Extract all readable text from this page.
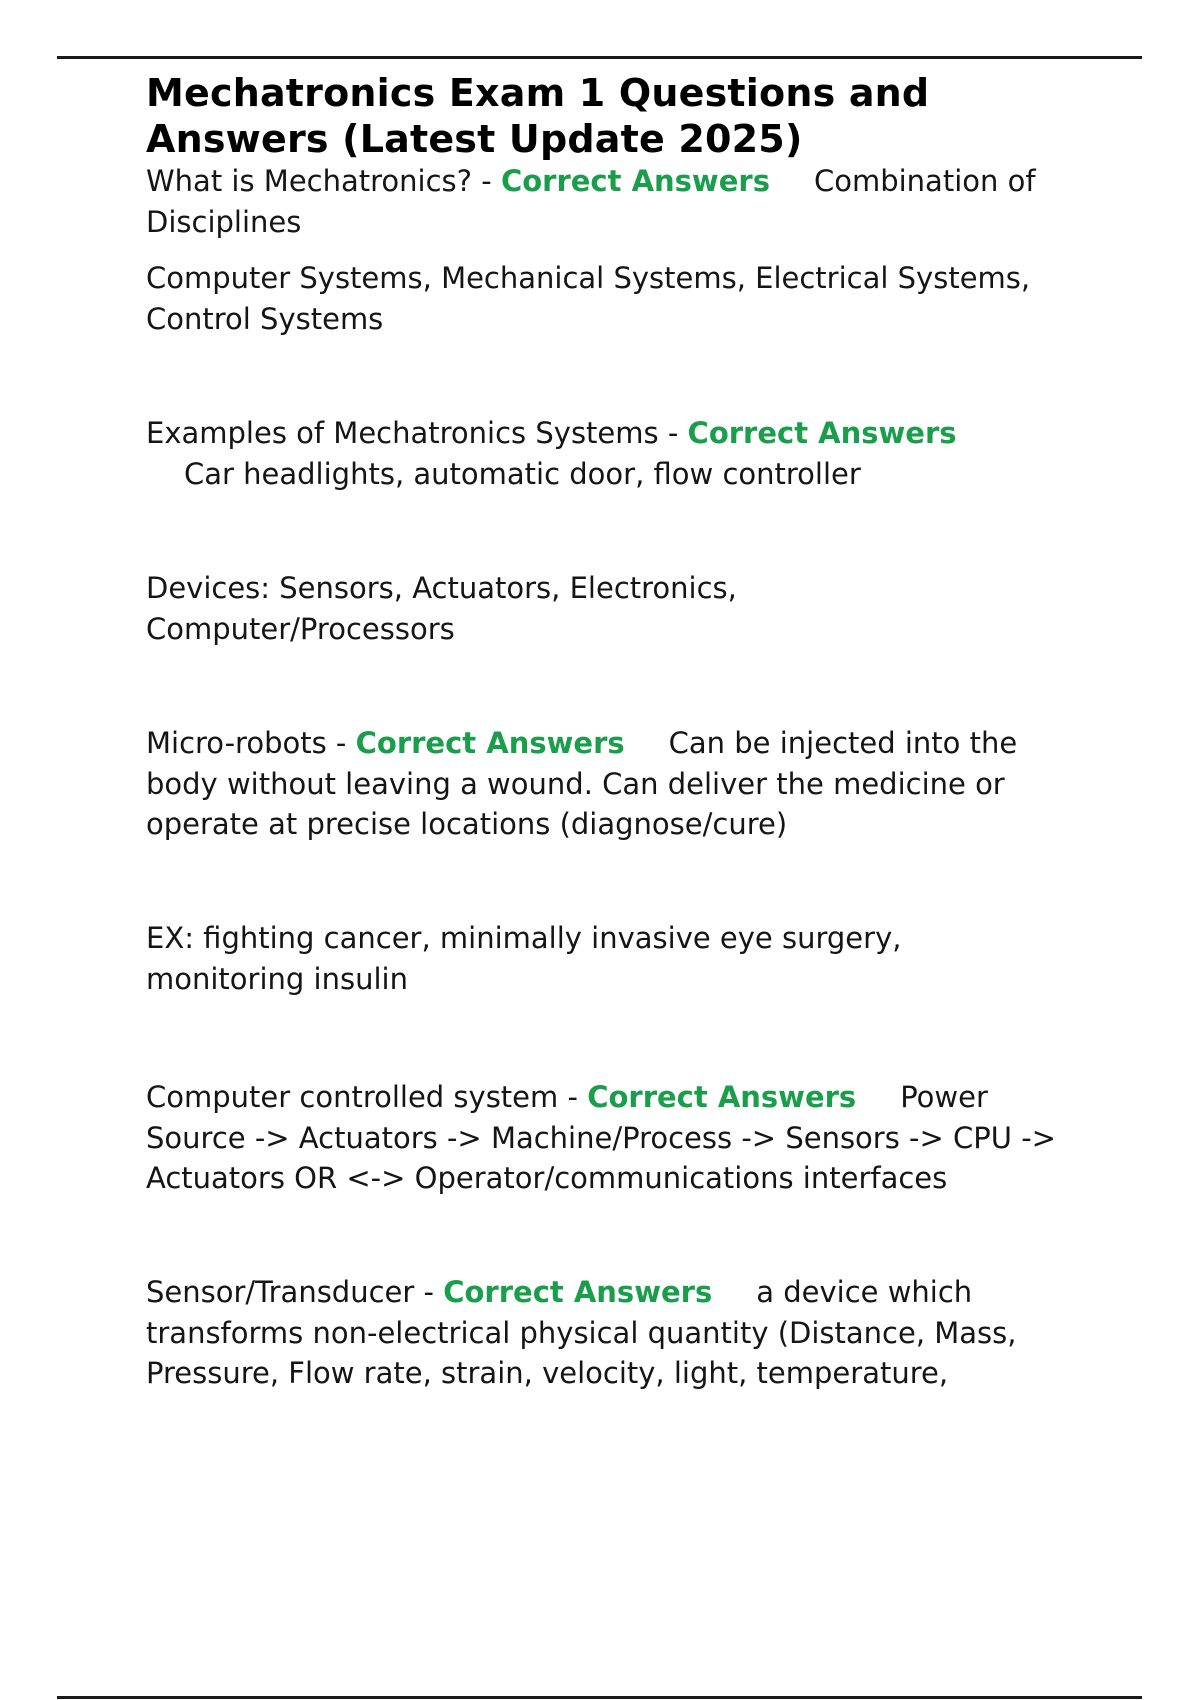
Mechatronics Exam 1 Questions and Answers (Latest Update 2025)
What is Mechatronics? - Correct Answers Combination of Disciplines
Computer Systems, Mechanical Systems, Electrical Systems, Control Systems
Examples of Mechatronics Systems - Correct Answers
Car headlights, automatic door, flow controller
Devices: Sensors, Actuators, Electronics, Computer/Processors
Micro-robots - Correct Answers Can be injected into the body without leaving a wound. Can deliver the medicine or operate at precise locations (diagnose/cure)
EX: fighting cancer, minimally invasive eye surgery, monitoring insulin
Computer controlled system - Correct Answers Power Source -> Actuators -> Machine/Process -> Sensors -> CPU -> Actuators OR <-> Operator/communications interfaces
Sensor/Transducer - Correct Answers a device which transforms non-electrical physical quantity (Distance, Mass, Pressure, Flow rate, strain, velocity, light, temperature,
